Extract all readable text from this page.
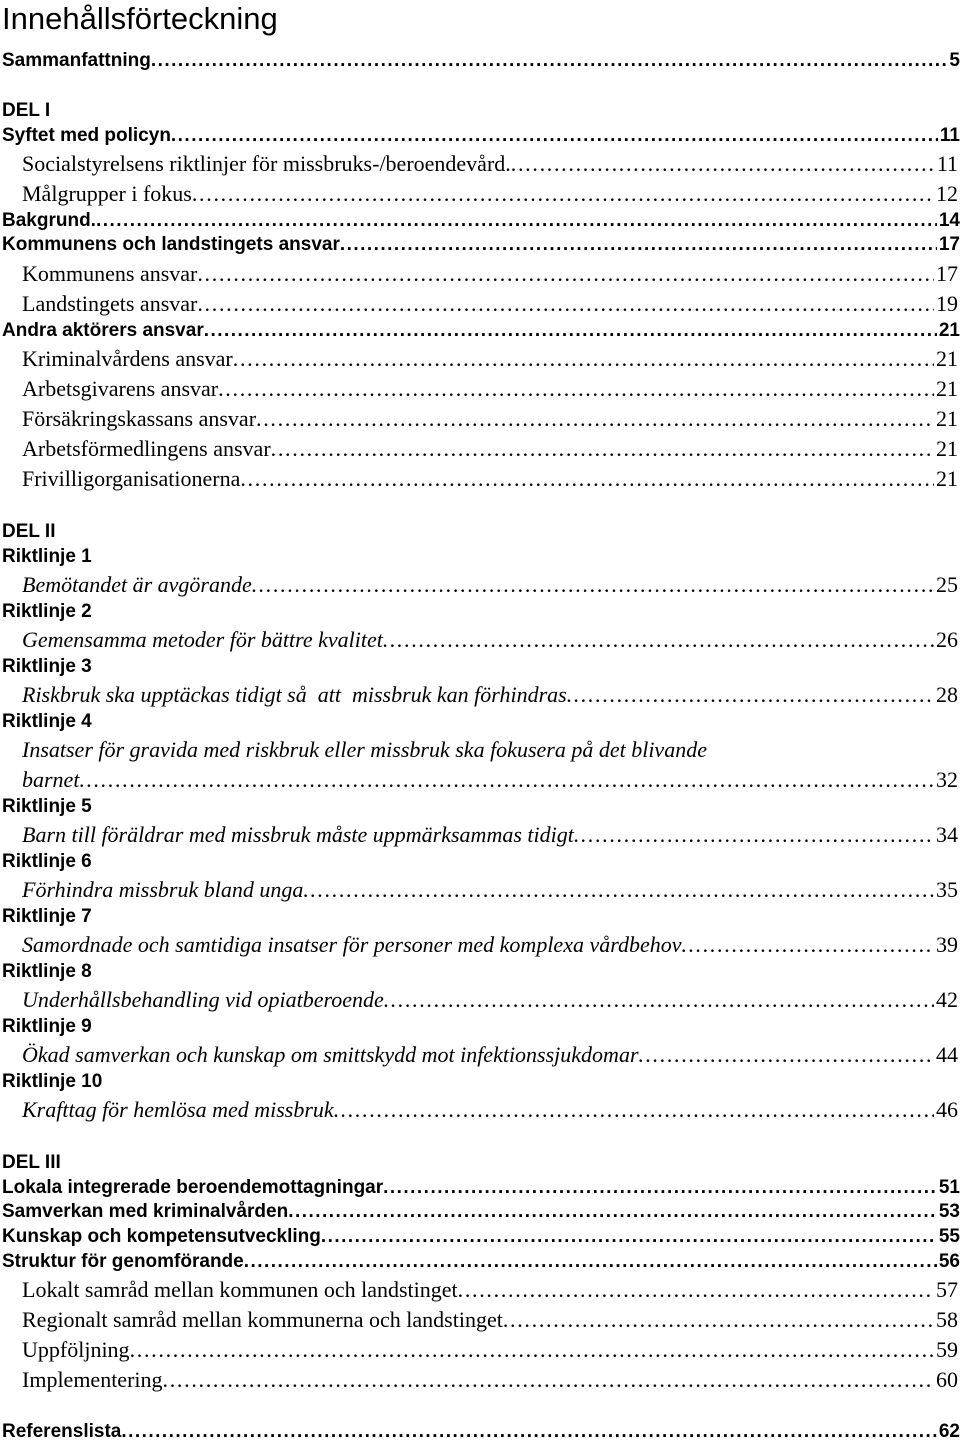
Innehållsförteckning
Sammanfattning . . .	5
DEL I
Syftet med policyn . . .	11
Socialstyrelsens riktlinjer för missbruks-/beroendevård. . . .	11
Målgrupper i fokus . . .	12
Bakgrund. . . .	14
Kommunens och landstingets ansvar . . .	17
Kommunens ansvar . . .	17
Landstingets ansvar . . .	19
Andra aktörers ansvar . . .	21
Kriminalvårdens ansvar . . .	21
Arbetsgivarens ansvar . . .	21
Försäkringskassans ansvar . . .	21
Arbetsförmedlingens ansvar . . .	21
Frivilligorganisationerna . . .	21
DEL II
Riktlinje 1
Bemötandet är avgörande . . .	25
Riktlinje 2
Gemensamma metoder för bättre kvalitet . . .	26
Riktlinje 3
Riskbruk ska upptäckas tidigt så  att  missbruk kan förhindras . . .	28
Riktlinje 4
Insatser för gravida med riskbruk eller missbruk ska fokusera på det blivande
barnet . . .	32
Riktlinje 5
Barn till föräldrar med missbruk måste uppmärksammas tidigt . . .	34
Riktlinje 6
Förhindra missbruk bland unga . . .	35
Riktlinje 7
Samordnade och samtidiga insatser för personer med komplexa vårdbehov . . .	39
Riktlinje 8
Underhållsbehandling vid opiatberoende . . .	42
Riktlinje 9
Ökad samverkan och kunskap om smittskydd mot infektionssjukdomar . . .	44
Riktlinje 10
Krafttag för hemlösa med missbruk . . .	46
DEL III
Lokala integrerade beroendemottagningar . . .	51
Samverkan med kriminalvården . . .	53
Kunskap och kompetensutveckling . . .	55
Struktur för genomförande . . .	56
Lokalt samråd mellan kommunen och landstinget . . .	57
Regionalt samråd mellan kommunerna och landstinget . . .	58
Uppföljning . . .	59
Implementering . . .	60
Referenslista . . .	62
